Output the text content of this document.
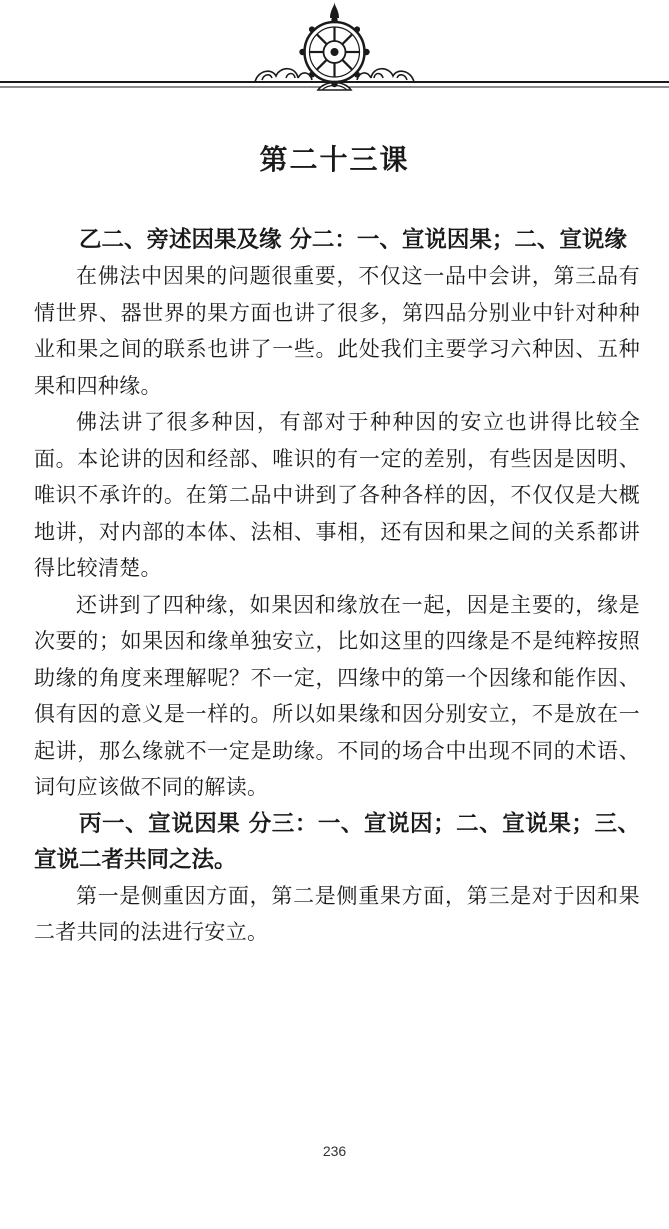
第二十三课

乙二、旁述因果及缘 分二：一、宣说因果；二、宣说缘

在佛法中因果的问题很重要，不仅这一品中会讲，第三品有情世界、器世界的果方面也讲了很多，第四品分别业中针对种种业和果之间的联系也讲了一些。此处我们主要学习六种因、五种果和四种缘。

佛法讲了很多种因，有部对于种种因的安立也讲得比较全面。本论讲的因和经部、唯识的有一定的差别，有些因是因明、唯识不承许的。在第二品中讲到了各种各样的因，不仅仅是大概地讲，对内部的本体、法相、事相，还有因和果之间的关系都讲得比较清楚。

还讲到了四种缘，如果因和缘放在一起，因是主要的，缘是次要的；如果因和缘单独安立，比如这里的四缘是不是纯粹按照助缘的角度来理解呢？不一定，四缘中的第一个因缘和能作因、俱有因的意义是一样的。所以如果缘和因分别安立，不是放在一起讲，那么缘就不一定是助缘。不同的场合中出现不同的术语、词句应该做不同的解读。

丙一、宣说因果 分三：一、宣说因；二、宣说果；三、宣说二者共同之法。

第一是侧重因方面，第二是侧重果方面，第三是对于因和果二者共同的法进行安立。

236
